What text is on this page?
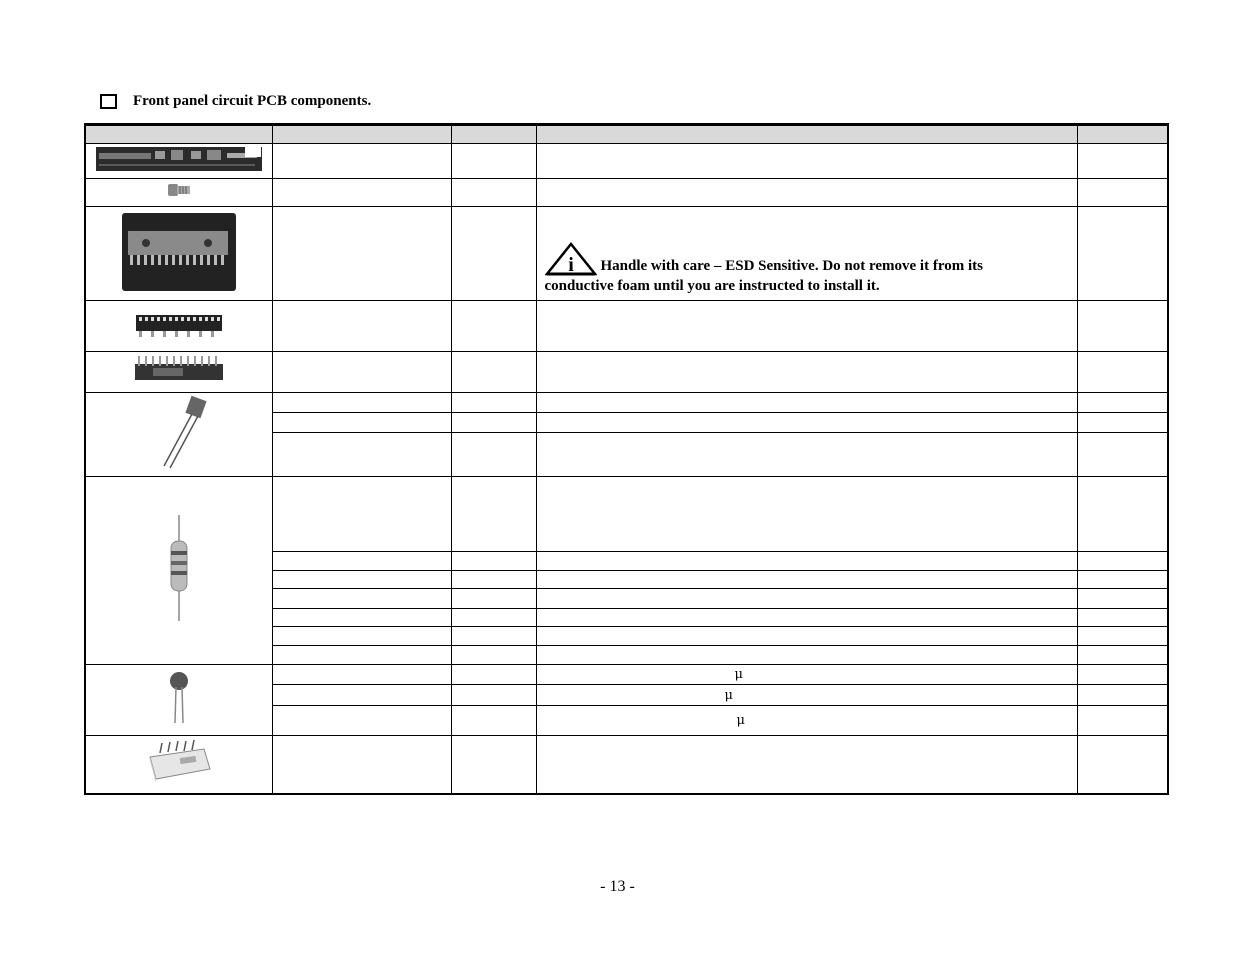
Front panel circuit PCB components.

i Handle with care – ESD Sensitive. Do not remove it from its
conductive foam until you are instructed to install it.	

			μ	
			μ	
			μ	

- 13 -
